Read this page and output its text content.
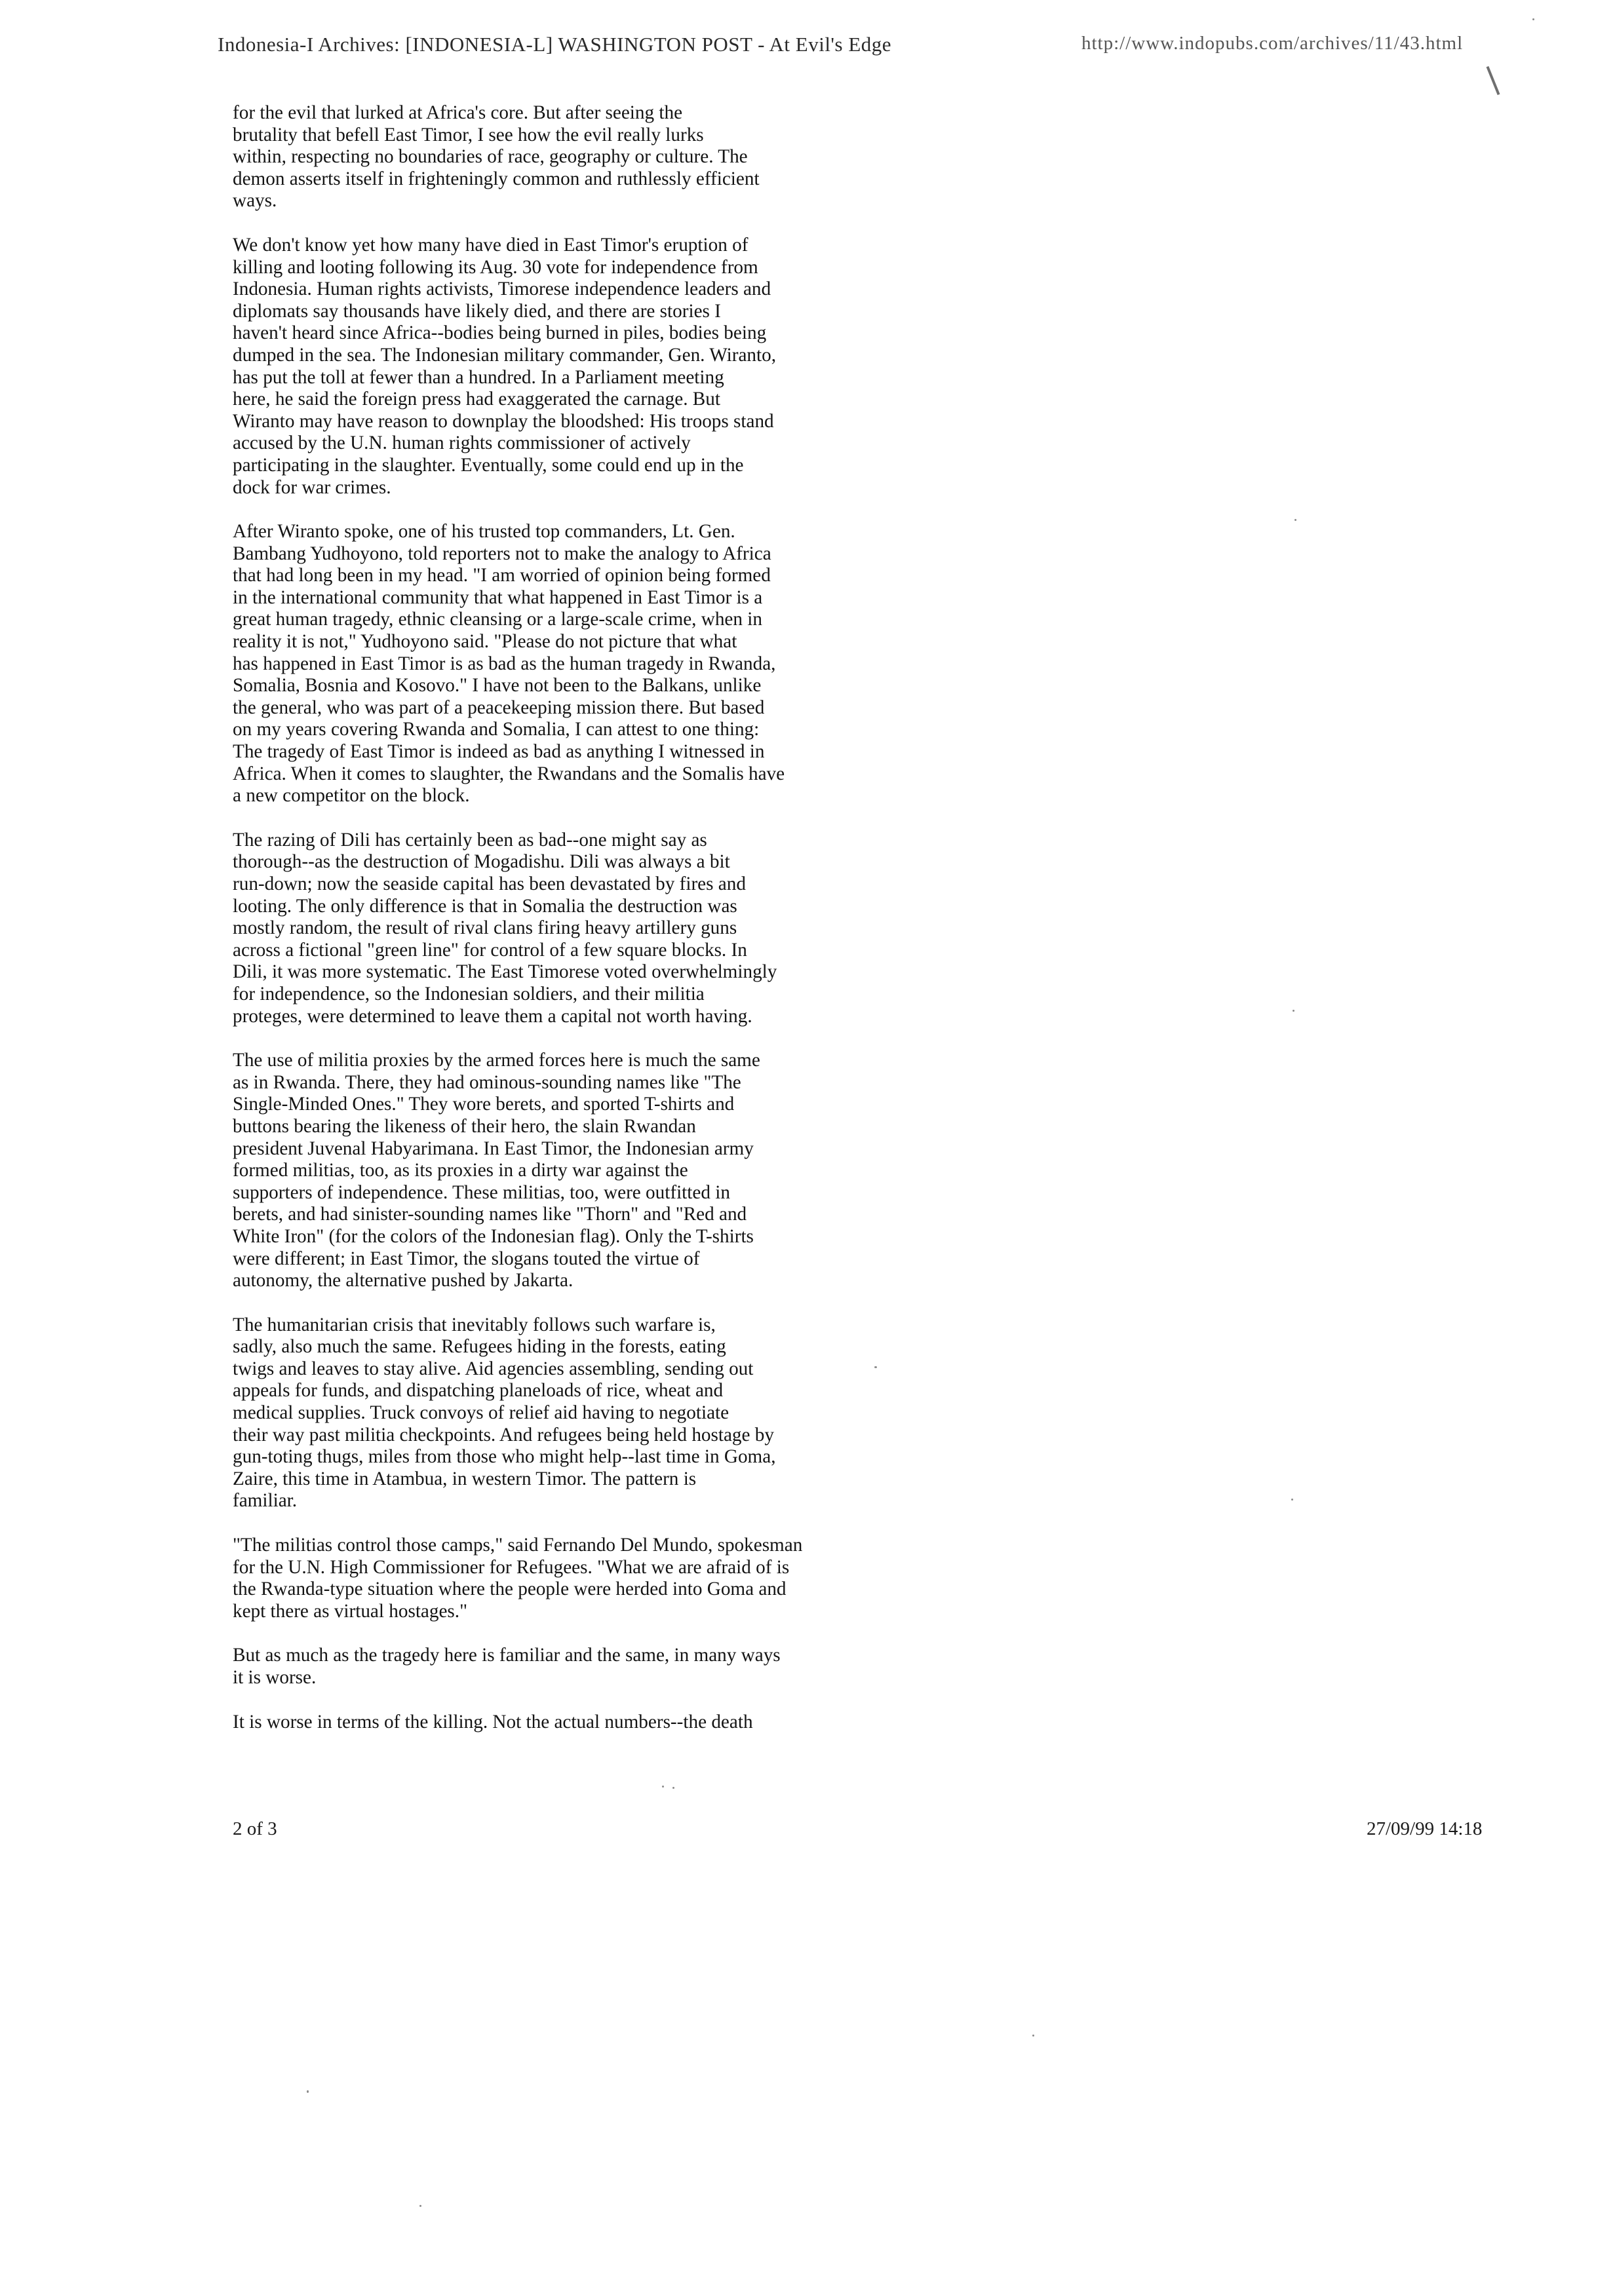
Indonesia-I Archives: [INDONESIA-L] WASHINGTON POST - At Evil's Edge	http://www.indopubs.com/archives/11/43.html

for the evil that lurked at Africa's core. But after seeing the
brutality that befell East Timor, I see how the evil really lurks
within, respecting no boundaries of race, geography or culture. The
demon asserts itself in frighteningly common and ruthlessly efficient
ways.

We don't know yet how many have died in East Timor's eruption of
killing and looting following its Aug. 30 vote for independence from
Indonesia. Human rights activists, Timorese independence leaders and
diplomats say thousands have likely died, and there are stories I
haven't heard since Africa--bodies being burned in piles, bodies being
dumped in the sea. The Indonesian military commander, Gen. Wiranto,
has put the toll at fewer than a hundred. In a Parliament meeting
here, he said the foreign press had exaggerated the carnage. But
Wiranto may have reason to downplay the bloodshed: His troops stand
accused by the U.N. human rights commissioner of actively
participating in the slaughter. Eventually, some could end up in the
dock for war crimes.

After Wiranto spoke, one of his trusted top commanders, Lt. Gen.
Bambang Yudhoyono, told reporters not to make the analogy to Africa
that had long been in my head. "I am worried of opinion being formed
in the international community that what happened in East Timor is a
great human tragedy, ethnic cleansing or a large-scale crime, when in
reality it is not," Yudhoyono said. "Please do not picture that what
has happened in East Timor is as bad as the human tragedy in Rwanda,
Somalia, Bosnia and Kosovo." I have not been to the Balkans, unlike
the general, who was part of a peacekeeping mission there. But based
on my years covering Rwanda and Somalia, I can attest to one thing:
The tragedy of East Timor is indeed as bad as anything I witnessed in
Africa. When it comes to slaughter, the Rwandans and the Somalis have
a new competitor on the block.

The razing of Dili has certainly been as bad--one might say as
thorough--as the destruction of Mogadishu. Dili was always a bit
run-down; now the seaside capital has been devastated by fires and
looting. The only difference is that in Somalia the destruction was
mostly random, the result of rival clans firing heavy artillery guns
across a fictional "green line" for control of a few square blocks. In
Dili, it was more systematic. The East Timorese voted overwhelmingly
for independence, so the Indonesian soldiers, and their militia
proteges, were determined to leave them a capital not worth having.

The use of militia proxies by the armed forces here is much the same
as in Rwanda. There, they had ominous-sounding names like "The
Single-Minded Ones." They wore berets, and sported T-shirts and
buttons bearing the likeness of their hero, the slain Rwandan
president Juvenal Habyarimana. In East Timor, the Indonesian army
formed militias, too, as its proxies in a dirty war against the
supporters of independence. These militias, too, were outfitted in
berets, and had sinister-sounding names like "Thorn" and "Red and
White Iron" (for the colors of the Indonesian flag). Only the T-shirts
were different; in East Timor, the slogans touted the virtue of
autonomy, the alternative pushed by Jakarta.

The humanitarian crisis that inevitably follows such warfare is,
sadly, also much the same. Refugees hiding in the forests, eating
twigs and leaves to stay alive. Aid agencies assembling, sending out
appeals for funds, and dispatching planeloads of rice, wheat and
medical supplies. Truck convoys of relief aid having to negotiate
their way past militia checkpoints. And refugees being held hostage by
gun-toting thugs, miles from those who might help--last time in Goma,
Zaire, this time in Atambua, in western Timor. The pattern is
familiar.

"The militias control those camps," said Fernando Del Mundo, spokesman
for the U.N. High Commissioner for Refugees. "What we are afraid of is
the Rwanda-type situation where the people were herded into Goma and
kept there as virtual hostages."

But as much as the tragedy here is familiar and the same, in many ways
it is worse.

It is worse in terms of the killing. Not the actual numbers--the death

2 of 3	27/09/99 14:18
